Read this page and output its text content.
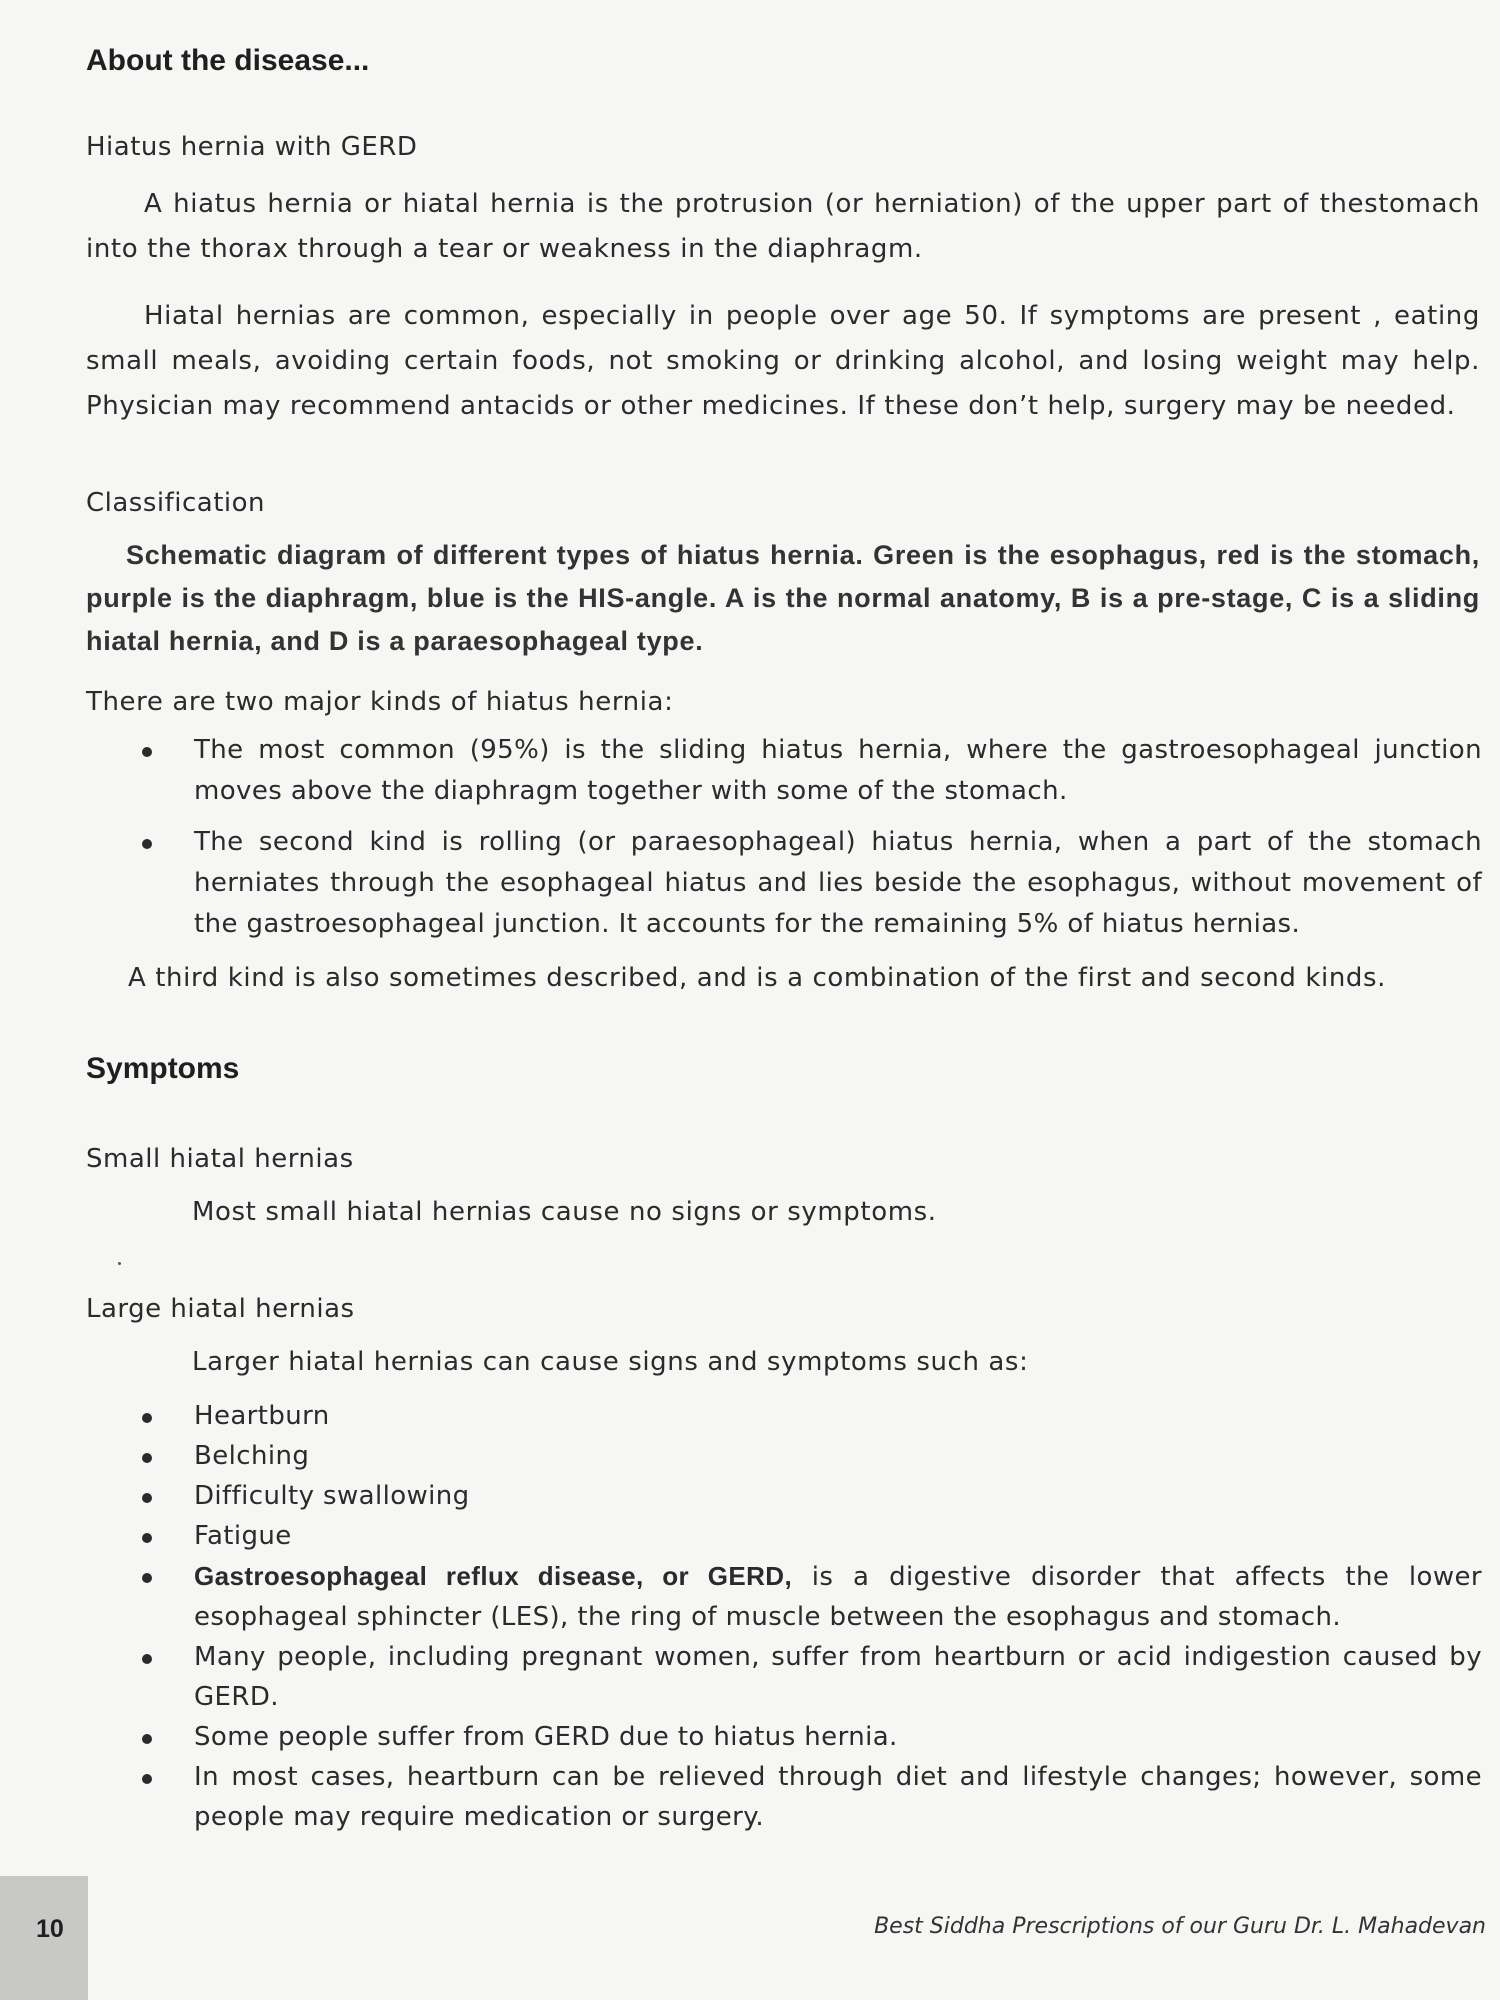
About the disease...
Hiatus hernia with GERD

A hiatus hernia or hiatal hernia is the protrusion (or herniation) of the upper part of thestomach into the thorax through a tear or weakness in the diaphragm.

Hiatal hernias are common, especially in people over age 50. If symptoms are present , eating small meals, avoiding certain foods, not smoking or drinking alcohol, and losing weight may help. Physician may recommend antacids or other medicines. If these don’t help, surgery may be needed.

Classification

Schematic diagram of different types of hiatus hernia. Green is the esophagus, red is the stomach, purple is the diaphragm, blue is the HIS-angle. A is the normal anatomy, B is a pre-stage, C is a sliding hiatal hernia, and D is a paraesophageal type.

There are two major kinds of hiatus hernia:

The most common (95%) is the sliding hiatus hernia, where the gastroesophageal junction moves above the diaphragm together with some of the stomach.
The second kind is rolling (or paraesophageal) hiatus hernia, when a part of the stomach herniates through the esophageal hiatus and lies beside the esophagus, without movement of the gastroesophageal junction. It accounts for the remaining 5% of hiatus hernias.

A third kind is also sometimes described, and is a combination of the first and second kinds.

Symptoms
Small hiatal hernias

Most small hiatal hernias cause no signs or symptoms.

Large hiatal hernias

Larger hiatal hernias can cause signs and symptoms such as:

Heartburn
Belching
Difficulty swallowing
Fatigue
Gastroesophageal reflux disease, or GERD, is a digestive disorder that affects the lower esophageal sphincter (LES), the ring of muscle between the esophagus and stomach.
Many people, including pregnant women, suffer from heartburn or acid indigestion caused by GERD.
Some people suffer from GERD due to hiatus hernia.
In most cases, heartburn can be relieved through diet and lifestyle changes; however, some people may require medication or surgery.
10	Best Siddha Prescriptions of our Guru Dr. L. Mahadevan
